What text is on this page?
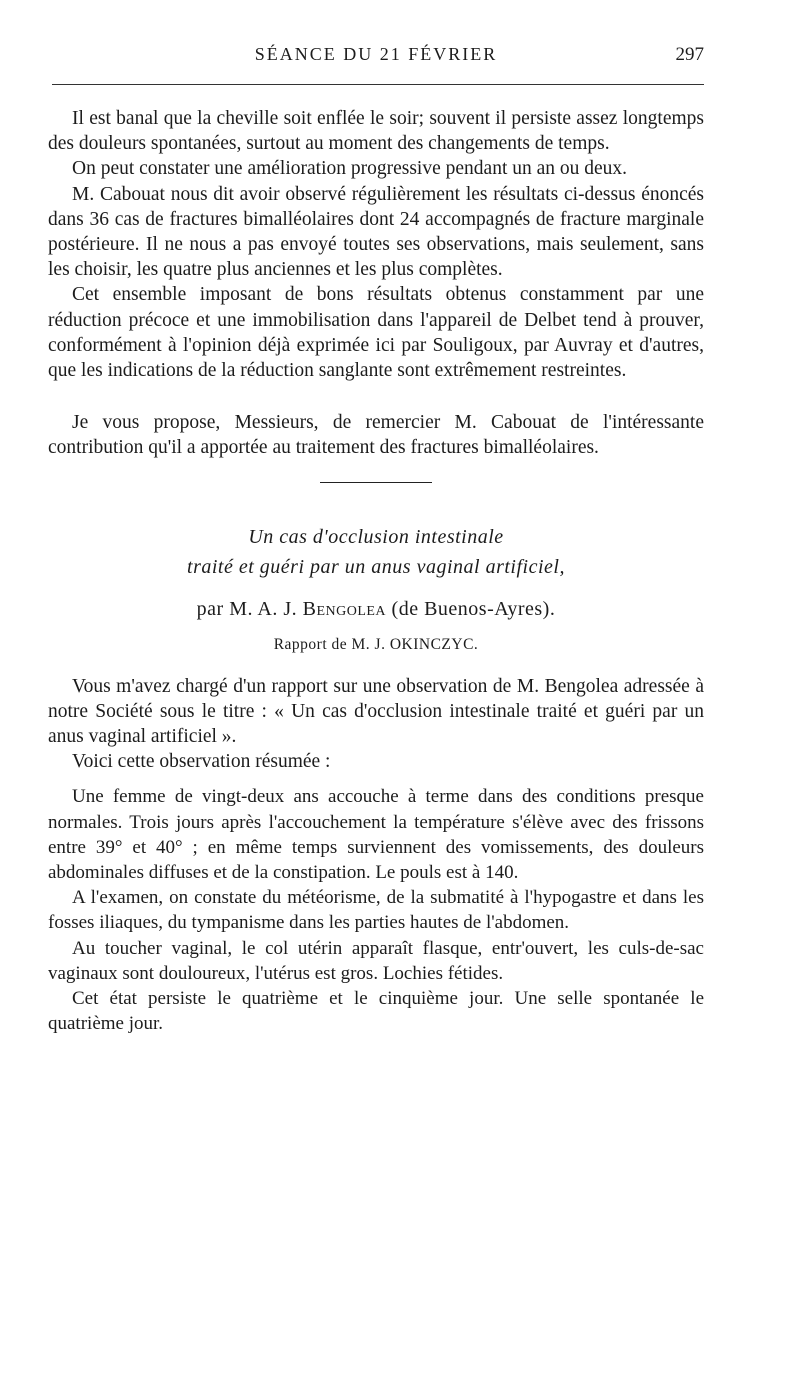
SÉANCE DU 21 FÉVRIER	297

Il est banal que la cheville soit enflée le soir; souvent il persiste assez longtemps des douleurs spontanées, surtout au moment des changements de temps.

On peut constater une amélioration progressive pendant un an ou deux.

M. Cabouat nous dit avoir observé régulièrement les résultats ci-dessus énoncés dans 36 cas de fractures bimalléolaires dont 24 accompagnés de fracture marginale postérieure. Il ne nous a pas envoyé toutes ses observations, mais seulement, sans les choisir, les quatre plus anciennes et les plus complètes.

Cet ensemble imposant de bons résultats obtenus constamment par une réduction précoce et une immobilisation dans l'appareil de Delbet tend à prouver, conformément à l'opinion déjà exprimée ici par Souligoux, par Auvray et d'autres, que les indications de la réduction sanglante sont extrêmement restreintes.

Je vous propose, Messieurs, de remercier M. Cabouat de l'intéressante contribution qu'il a apportée au traitement des fractures bimalléolaires.

Un cas d'occlusion intestinale
traité et guéri par un anus vaginal artificiel,
par M. A. J. Bengolea (de Buenos-Ayres).
Rapport de M. J. OKINCZYC.

Vous m'avez chargé d'un rapport sur une observation de M. Bengolea adressée à notre Société sous le titre : « Un cas d'occlusion intestinale traité et guéri par un anus vaginal artificiel ».

Voici cette observation résumée :

Une femme de vingt-deux ans accouche à terme dans des conditions presque normales. Trois jours après l'accouchement la température s'élève avec des frissons entre 39° et 40° ; en même temps surviennent des vomissements, des douleurs abdominales diffuses et de la constipation. Le pouls est à 140.

A l'examen, on constate du météorisme, de la submatité à l'hypogastre et dans les fosses iliaques, du tympanisme dans les parties hautes de l'abdomen.

Au toucher vaginal, le col utérin apparaît flasque, entr'ouvert, les culs-de-sac vaginaux sont douloureux, l'utérus est gros. Lochies fétides.

Cet état persiste le quatrième et le cinquième jour. Une selle spontanée le quatrième jour.
